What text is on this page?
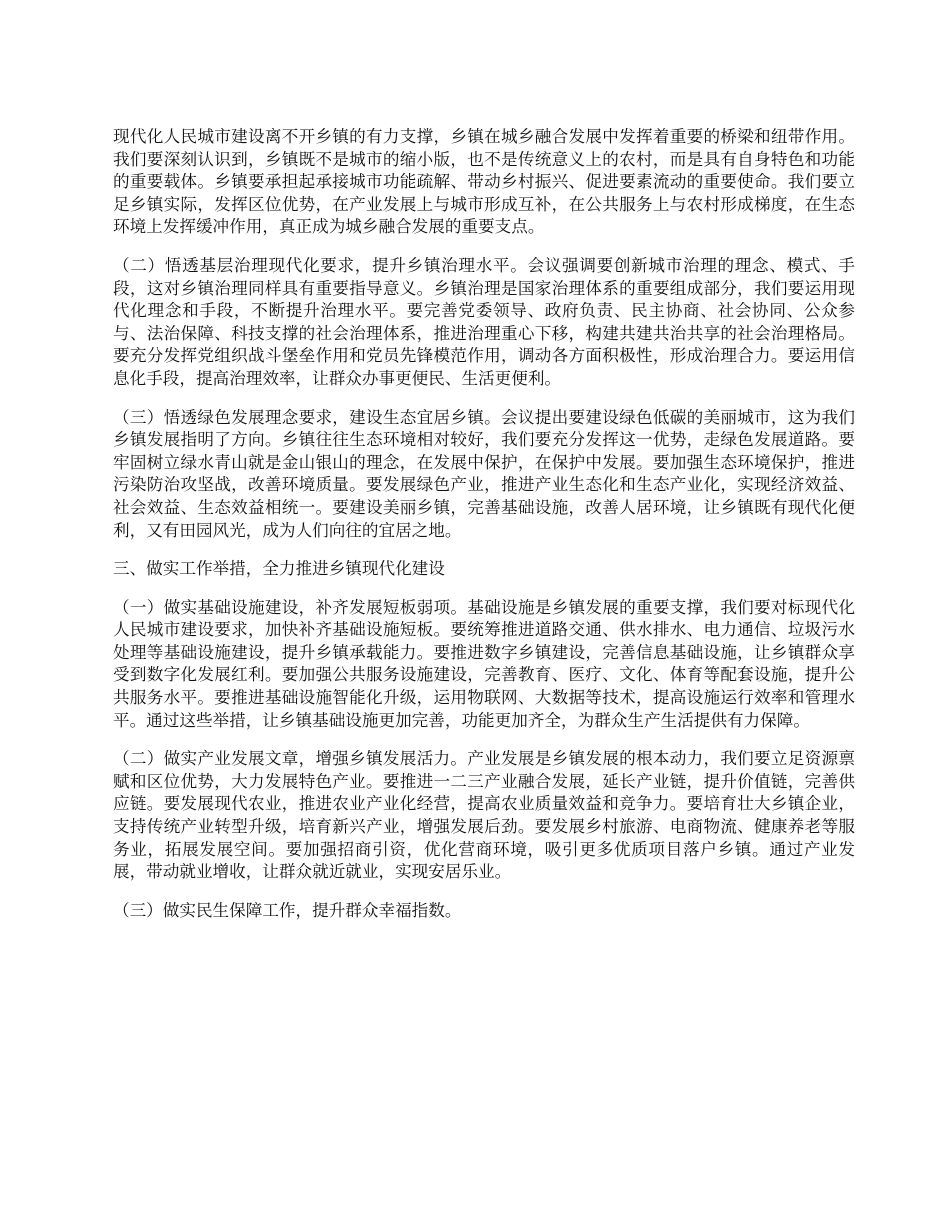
现代化人民城市建设离不开乡镇的有力支撑，乡镇在城乡融合发展中发挥着重要的桥梁和纽带作用。我们要深刻认识到，乡镇既不是城市的缩小版，也不是传统意义上的农村，而是具有自身特色和功能的重要载体。乡镇要承担起承接城市功能疏解、带动乡村振兴、促进要素流动的重要使命。我们要立足乡镇实际，发挥区位优势，在产业发展上与城市形成互补，在公共服务上与农村形成梯度，在生态环境上发挥缓冲作用，真正成为城乡融合发展的重要支点。

（二）悟透基层治理现代化要求，提升乡镇治理水平。会议强调要创新城市治理的理念、模式、手段，这对乡镇治理同样具有重要指导意义。乡镇治理是国家治理体系的重要组成部分，我们要运用现代化理念和手段，不断提升治理水平。要完善党委领导、政府负责、民主协商、社会协同、公众参与、法治保障、科技支撑的社会治理体系，推进治理重心下移，构建共建共治共享的社会治理格局。要充分发挥党组织战斗堡垒作用和党员先锋模范作用，调动各方面积极性，形成治理合力。要运用信息化手段，提高治理效率，让群众办事更便民、生活更便利。

（三）悟透绿色发展理念要求，建设生态宜居乡镇。会议提出要建设绿色低碳的美丽城市，这为我们乡镇发展指明了方向。乡镇往往生态环境相对较好，我们要充分发挥这一优势，走绿色发展道路。要牢固树立绿水青山就是金山银山的理念，在发展中保护，在保护中发展。要加强生态环境保护，推进污染防治攻坚战，改善环境质量。要发展绿色产业，推进产业生态化和生态产业化，实现经济效益、社会效益、生态效益相统一。要建设美丽乡镇，完善基础设施，改善人居环境，让乡镇既有现代化便利，又有田园风光，成为人们向往的宜居之地。

三、做实工作举措，全力推进乡镇现代化建设

（一）做实基础设施建设，补齐发展短板弱项。基础设施是乡镇发展的重要支撑，我们要对标现代化人民城市建设要求，加快补齐基础设施短板。要统筹推进道路交通、供水排水、电力通信、垃圾污水处理等基础设施建设，提升乡镇承载能力。要推进数字乡镇建设，完善信息基础设施，让乡镇群众享受到数字化发展红利。要加强公共服务设施建设，完善教育、医疗、文化、体育等配套设施，提升公共服务水平。要推进基础设施智能化升级，运用物联网、大数据等技术，提高设施运行效率和管理水平。通过这些举措，让乡镇基础设施更加完善，功能更加齐全，为群众生产生活提供有力保障。

（二）做实产业发展文章，增强乡镇发展活力。产业发展是乡镇发展的根本动力，我们要立足资源禀赋和区位优势，大力发展特色产业。要推进一二三产业融合发展，延长产业链，提升价值链，完善供应链。要发展现代农业，推进农业产业化经营，提高农业质量效益和竞争力。要培育壮大乡镇企业，支持传统产业转型升级，培育新兴产业，增强发展后劲。要发展乡村旅游、电商物流、健康养老等服务业，拓展发展空间。要加强招商引资，优化营商环境，吸引更多优质项目落户乡镇。通过产业发展，带动就业增收，让群众就近就业，实现安居乐业。

（三）做实民生保障工作，提升群众幸福指数。
